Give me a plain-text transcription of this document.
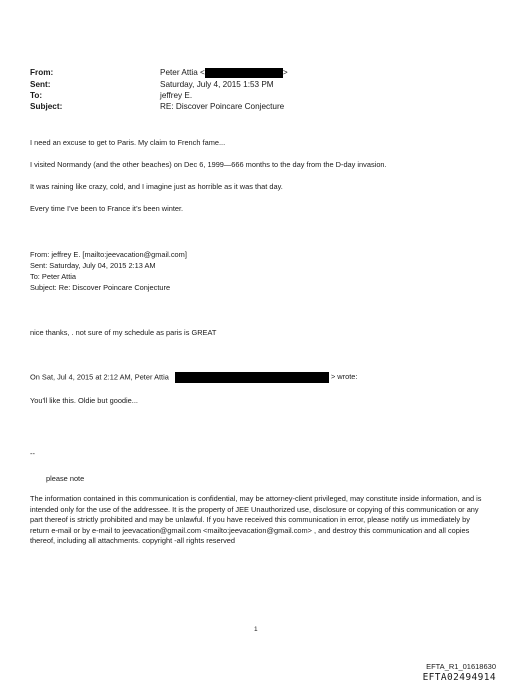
From:	Peter Attia <	>
Sent:	Saturday, July 4, 2015 1:53 PM
To:	jeffrey E.
Subject:	RE: Discover Poincare Conjecture
I need an excuse to get to Paris. My claim to French fame...
I visited Normandy (and the other beaches) on Dec 6, 1999—666 months to the day from the D-day invasion.
It was raining like crazy, cold, and I imagine just as horrible as it was that day.
Every time I’ve been to France it’s been winter.
From: jeffrey E. [mailto:jeevacation@gmail.com]
Sent: Saturday, July 04, 2015 2:13 AM
To: Peter Attia
Subject: Re: Discover Poincare Conjecture
nice thanks, . not sure of my schedule as paris is GREAT
On Sat, Jul 4, 2015 at 2:12 AM, Peter Attia	> wrote:
You'll like this. Oldie but goodie...
--
please note
The information contained in this communication is confidential, may be attorney-client privileged, may constitute inside information, and is intended only for the use of the addressee. It is the property of JEE Unauthorized use, disclosure or copying of this communication or any part thereof is strictly prohibited and may be unlawful. If you have received this communication in error, please notify us immediately by return e-mail or by e-mail to jeevacation@gmail.com <mailto:jeevacation@gmail.com> , and destroy this communication and all copies thereof, including all attachments. copyright -all rights reserved
1
EFTA_R1_01618630
EFTA02494914
